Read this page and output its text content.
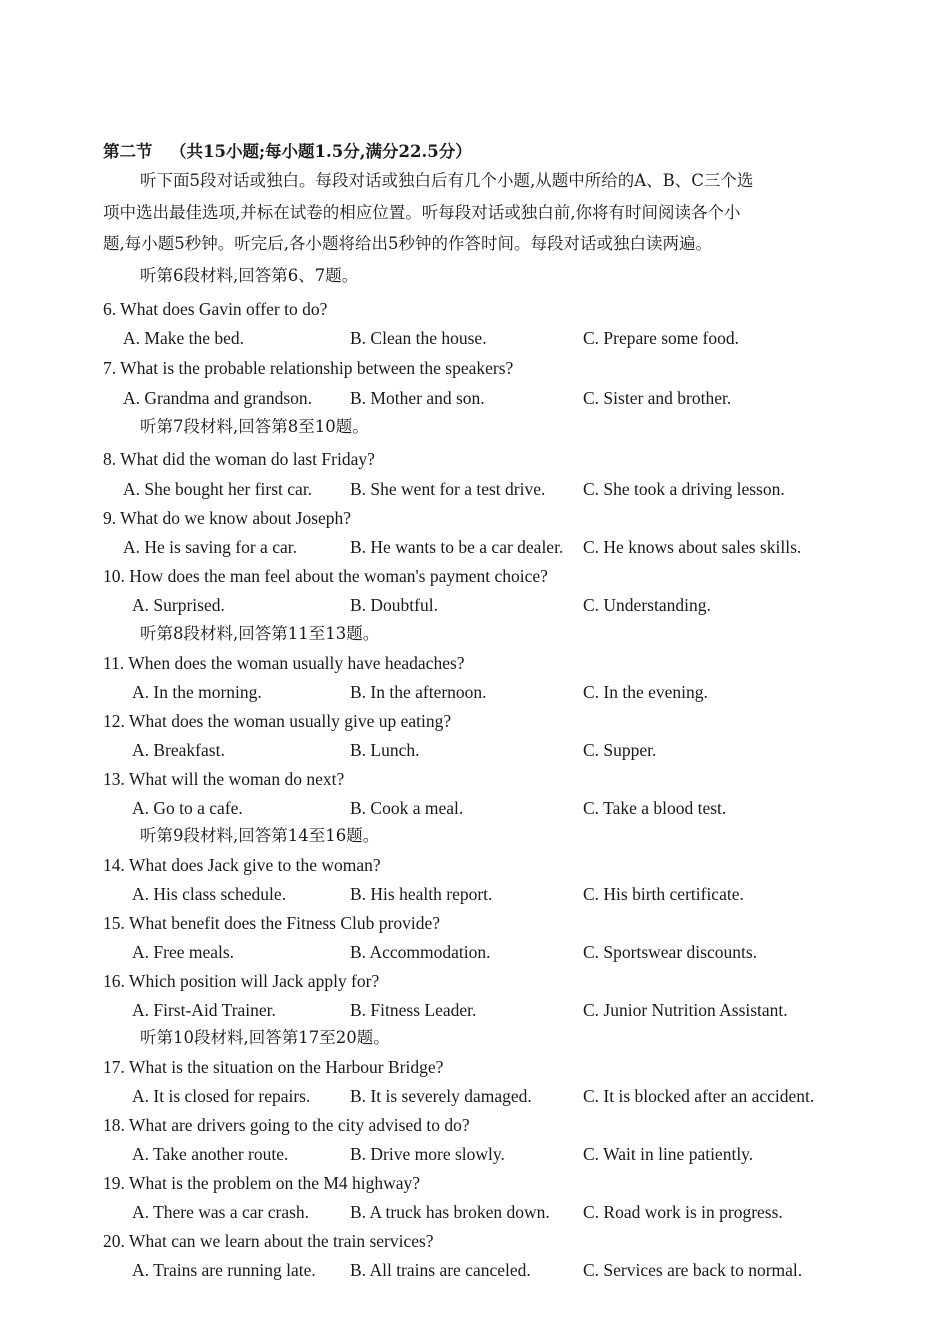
第二节 （共15小题;每小题1.5分,满分22.5分）
听下面5段对话或独白。每段对话或独白后有几个小题,从题中所给的A、B、C三个选
项中选出最佳选项,并标在试卷的相应位置。听每段对话或独白前,你将有时间阅读各个小
题,每小题5秒钟。听完后,各小题将给出5秒钟的作答时间。每段对话或独白读两遍。
听第6段材料,回答第6、7题。
6. What does Gavin offer to do?
A. Make the bed.	B. Clean the house.	C. Prepare some food.
7. What is the probable relationship between the speakers?
A. Grandma and grandson. B. Mother and son.	C. Sister and brother.
听第7段材料,回答第8至10题。
8. What did the woman do last Friday?
A. She bought her first car. B. She went for a test drive. C. She took a driving lesson.
9. What do we know about Joseph?
A. He is saving for a car.	B. He wants to be a car dealer. C. He knows about sales skills.
10. How does the man feel about the woman's payment choice?
A. Surprised.	B. Doubtful.	C. Understanding.
听第8段材料,回答第11至13题。
11. When does the woman usually have headaches?
A. In the morning.	B. In the afternoon.	C. In the evening.
12. What does the woman usually give up eating?
A. Breakfast.	B. Lunch.	C. Supper.
13. What will the woman do next?
A. Go to a cafe.	B. Cook a meal.	C. Take a blood test.
听第9段材料,回答第14至16题。
14. What does Jack give to the woman?
A. His class schedule.	B. His health report.	C. His birth certificate.
15. What benefit does the Fitness Club provide?
A. Free meals.	B. Accommodation.	C. Sportswear discounts.
16. Which position will Jack apply for?
A. First-Aid Trainer.	B. Fitness Leader.	C. Junior Nutrition Assistant.
听第10段材料,回答第17至20题。
17. What is the situation on the Harbour Bridge?
A. It is closed for repairs. B. It is severely damaged.	C. It is blocked after an accident.
18. What are drivers going to the city advised to do?
A. Take another route.	B. Drive more slowly.	C. Wait in line patiently.
19. What is the problem on the M4 highway?
A. There was a car crash. B. A truck has broken down. C. Road work is in progress.
20. What can we learn about the train services?
A. Trains are running late. B. All trains are canceled.	C. Services are back to normal.
